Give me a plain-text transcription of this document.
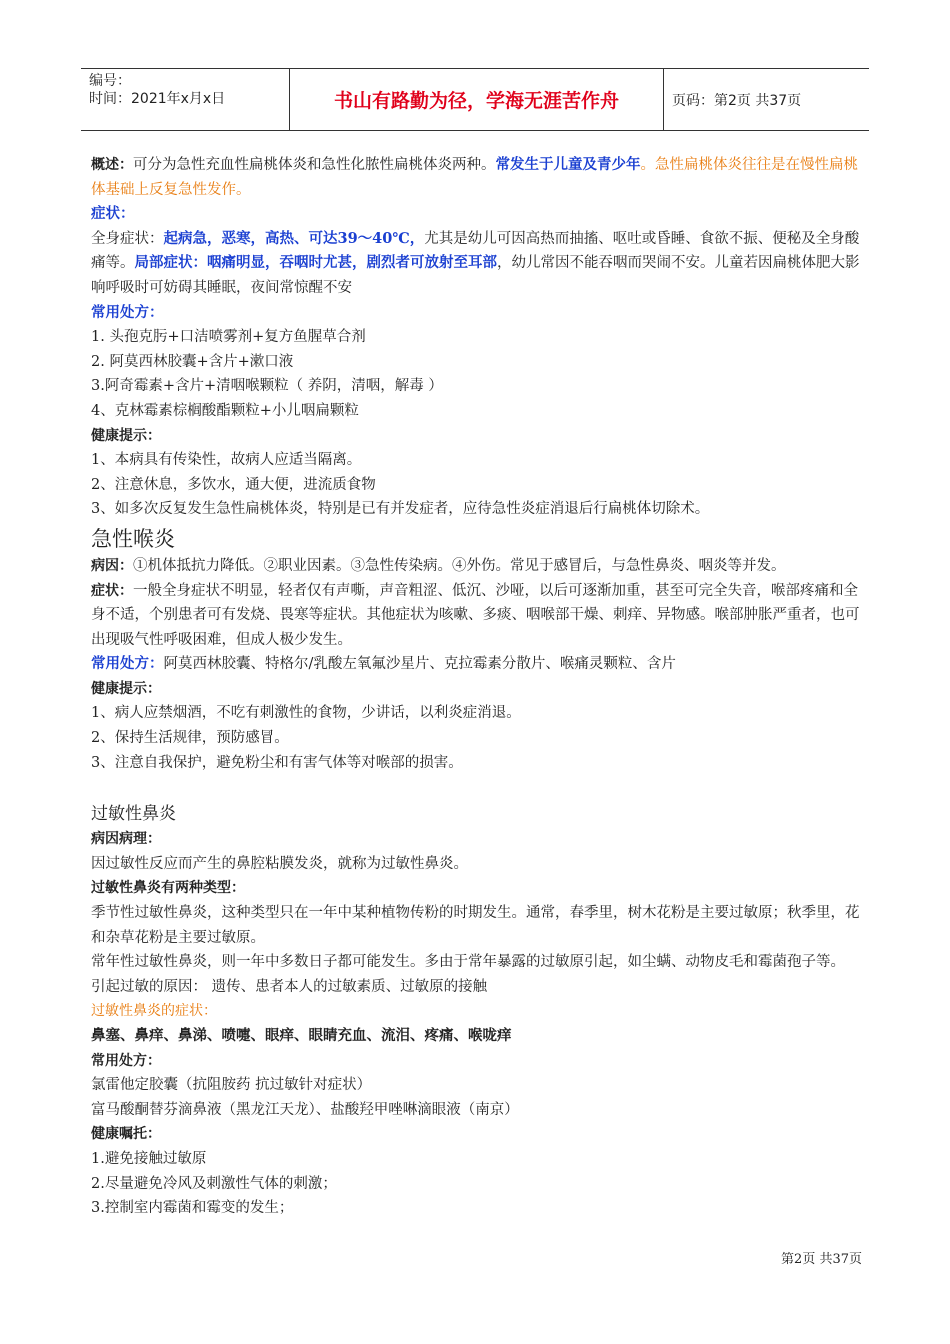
编号：
时间：2021年x月x日	书山有路勤为径，学海无涯苦作舟	页码：第2页 共37页

概述：可分为急性充血性扁桃体炎和急性化脓性扁桃体炎两种。常发生于儿童及青少年。急性扁桃体炎往往是在慢性扁桃体基础上反复急性发作。

症状：

全身症状：起病急，恶寒，高热、可达39～40℃，尤其是幼儿可因高热而抽搐、呕吐或昏睡、食欲不振、便秘及全身酸痛等。局部症状：咽痛明显，吞咽时尤甚，剧烈者可放射至耳部，幼儿常因不能吞咽而哭闹不安。儿童若因扁桃体肥大影响呼吸时可妨碍其睡眠，夜间常惊醒不安

常用处方：

1. 头孢克肟+口洁喷雾剂+复方鱼腥草合剂

2. 阿莫西林胶囊+含片+漱口液

3.阿奇霉素+含片+清咽喉颗粒（ 养阴，清咽，解毒 ）

4、克林霉素棕榈酸酯颗粒+小儿咽扁颗粒

健康提示：

1、本病具有传染性，故病人应适当隔离。

2、注意休息，多饮水，通大便，进流质食物

3、如多次反复发生急性扁桃体炎，特别是已有并发症者，应待急性炎症消退后行扁桃体切除术。

急性喉炎

病因：①机体抵抗力降低。②职业因素。③急性传染病。④外伤。常见于感冒后，与急性鼻炎、咽炎等并发。

症状：一般全身症状不明显，轻者仅有声嘶，声音粗涩、低沉、沙哑，以后可逐渐加重，甚至可完全失音，喉部疼痛和全身不适，个别患者可有发烧、畏寒等症状。其他症状为咳嗽、多痰、咽喉部干燥、刺痒、异物感。喉部肿胀严重者，也可出现吸气性呼吸困难，但成人极少发生。

常用处方：阿莫西林胶囊、特格尔/乳酸左氧氟沙星片、克拉霉素分散片、喉痛灵颗粒、含片

健康提示：

1、病人应禁烟酒，不吃有刺激性的食物，少讲话，以利炎症消退。

2、保持生活规律，预防感冒。

3、注意自我保护，避免粉尘和有害气体等对喉部的损害。

过敏性鼻炎

病因病理：

因过敏性反应而产生的鼻腔粘膜发炎，就称为过敏性鼻炎。

过敏性鼻炎有两种类型：

季节性过敏性鼻炎，这种类型只在一年中某种植物传粉的时期发生。通常，春季里，树木花粉是主要过敏原；秋季里，花和杂草花粉是主要过敏原。

常年性过敏性鼻炎，则一年中多数日子都可能发生。多由于常年暴露的过敏原引起，如尘螨、动物皮毛和霉菌孢子等。

引起过敏的原因： 遗传、患者本人的过敏素质、过敏原的接触

过敏性鼻炎的症状：

鼻塞、鼻痒、鼻涕、喷嚏、眼痒、眼睛充血、流泪、疼痛、喉咙痒

常用处方：

氯雷他定胶囊（抗阻胺药 抗过敏针对症状）

富马酸酮替芬滴鼻液（黑龙江天龙）、盐酸羟甲唑啉滴眼液（南京）

健康嘱托：

1.避免接触过敏原

2.尽量避免冷风及刺激性气体的刺激；

3.控制室内霉菌和霉变的发生；

第2页 共37页
